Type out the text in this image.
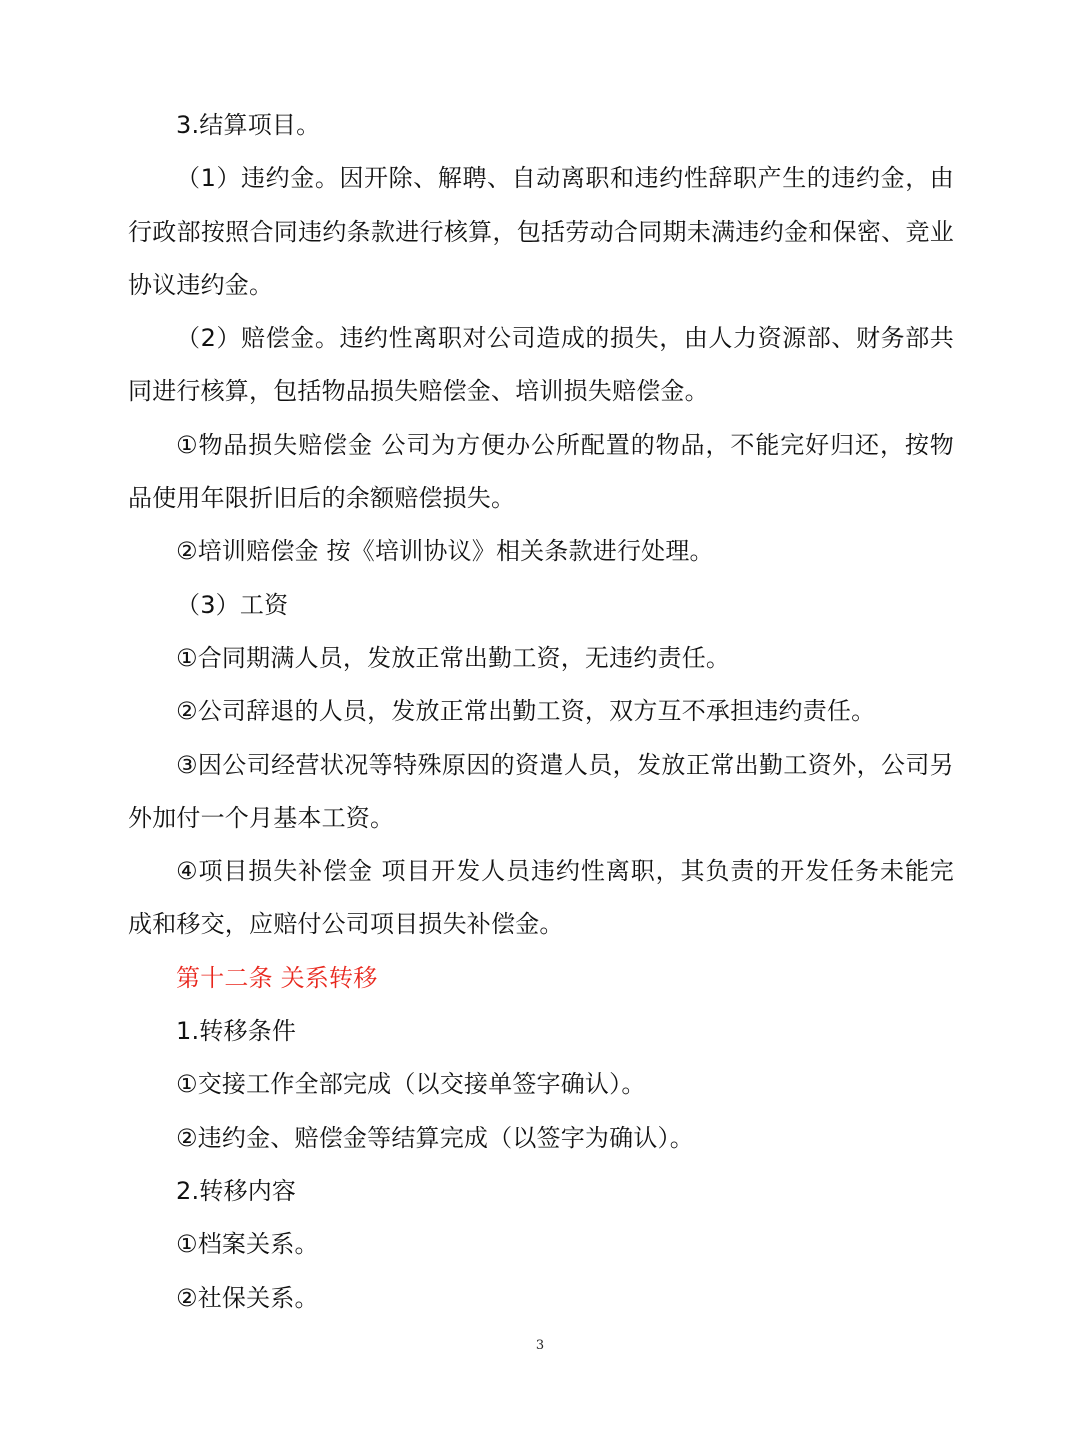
3.结算项目。

（1）违约金。因开除、解聘、自动离职和违约性辞职产生的违约金，由行政部按照合同违约条款进行核算，包括劳动合同期未满违约金和保密、竞业协议违约金。

（2）赔偿金。违约性离职对公司造成的损失，由人力资源部、财务部共同进行核算，包括物品损失赔偿金、培训损失赔偿金。

①物品损失赔偿金 公司为方便办公所配置的物品，不能完好归还，按物品使用年限折旧后的余额赔偿损失。

②培训赔偿金 按《培训协议》相关条款进行处理。

（3）工资

①合同期满人员，发放正常出勤工资，无违约责任。

②公司辞退的人员，发放正常出勤工资，双方互不承担违约责任。

③因公司经营状况等特殊原因的资遣人员，发放正常出勤工资外，公司另外加付一个月基本工资。

④项目损失补偿金 项目开发人员违约性离职，其负责的开发任务未能完成和移交，应赔付公司项目损失补偿金。

第十二条 关系转移

1.转移条件

①交接工作全部完成（以交接单签字确认）。

②违约金、赔偿金等结算完成（以签字为确认）。

2.转移内容

①档案关系。

②社保关系。

3
